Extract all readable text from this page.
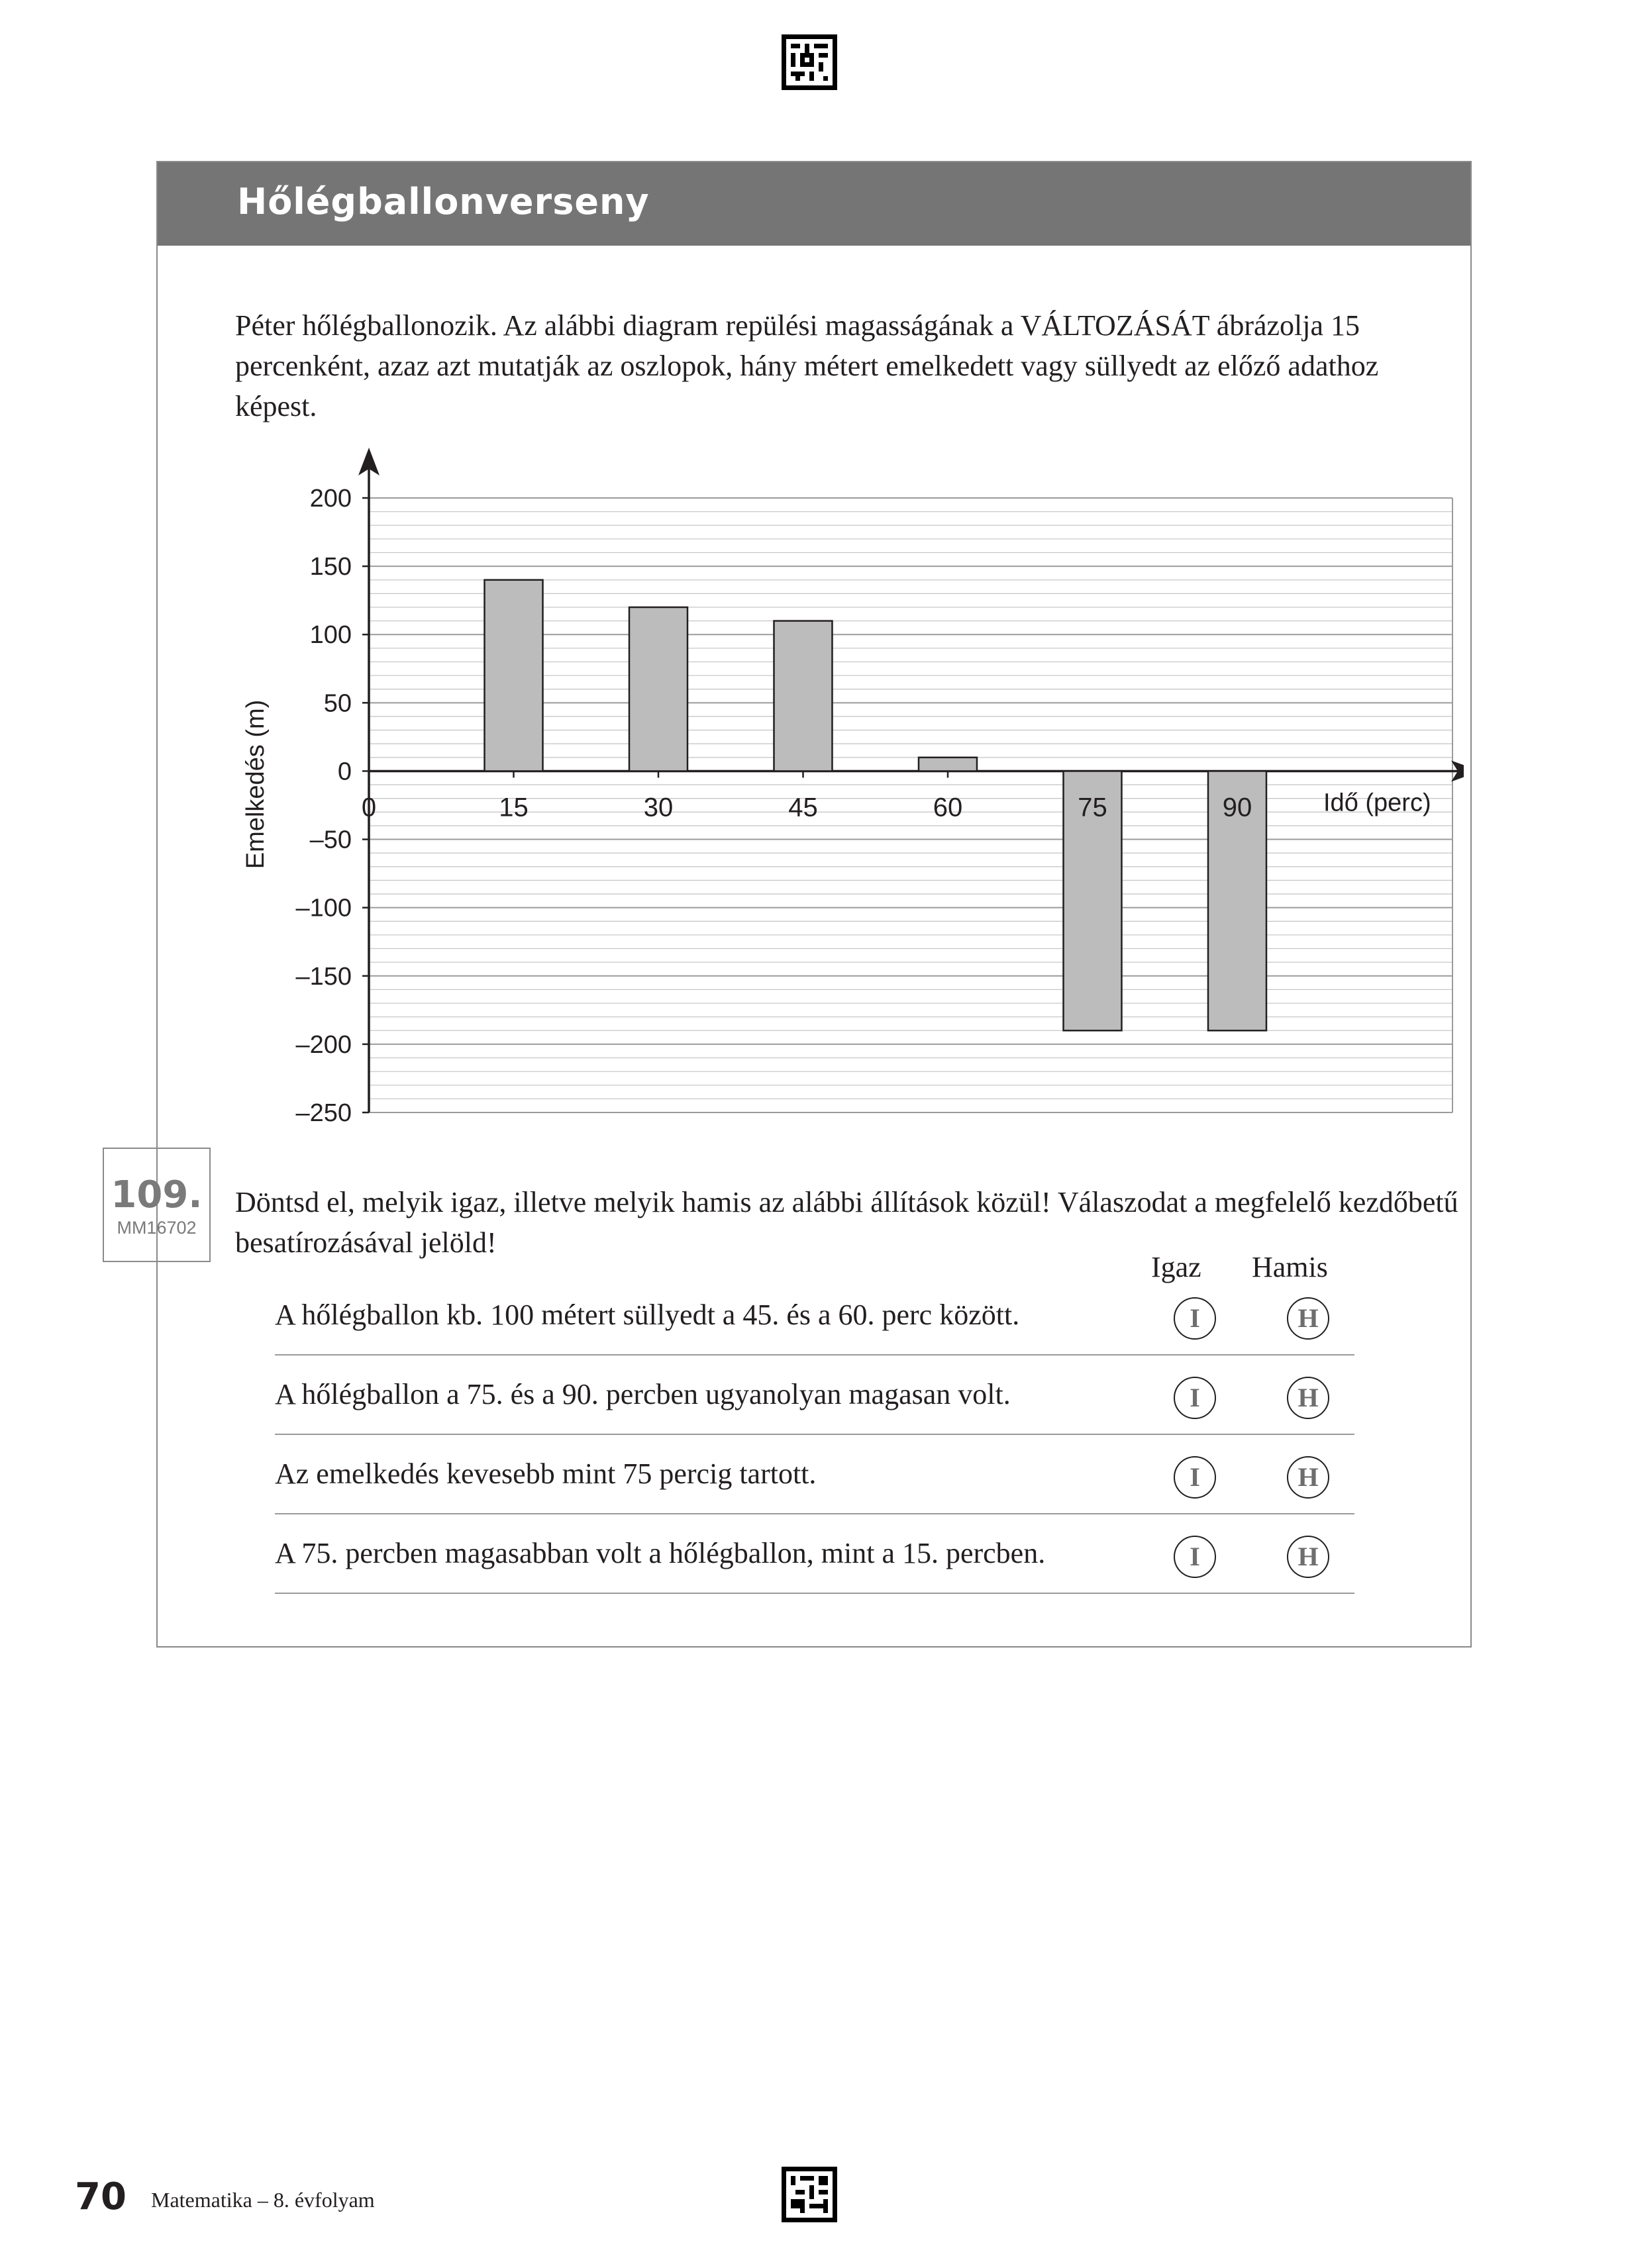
Hőlégballonverseny
Péter hőlégballonozik. Az alábbi diagram repülési magasságának a VÁLTOZÁSÁT ábrázolja 15 percenként, azaz azt mutatják az oszlopok, hány métert emelkedett vagy süllyedt az előző adathoz képest.
200
150
100
50
0
–50
–100
–150
–200
–250
0	15	30	45	60	75	90	Idő (perc)
Emelkedés (m)
109.
MM16702
Döntsd el, melyik igaz, illetve melyik hamis az alábbi állítások közül! Válaszodat a megfelelő kezdőbetű besatírozásával jelöld!
Igaz Hamis
A hőlégballon kb. 100 métert süllyedt a 45. és a 60. perc között.	I	H
A hőlégballon a 75. és a 90. percben ugyanolyan magasan volt.	I	H
Az emelkedés kevesebb mint 75 percig tartott.	I	H
A 75. percben magasabban volt a hőlégballon, mint a 15. percben.	I	H
70 Matematika – 8. évfolyam
